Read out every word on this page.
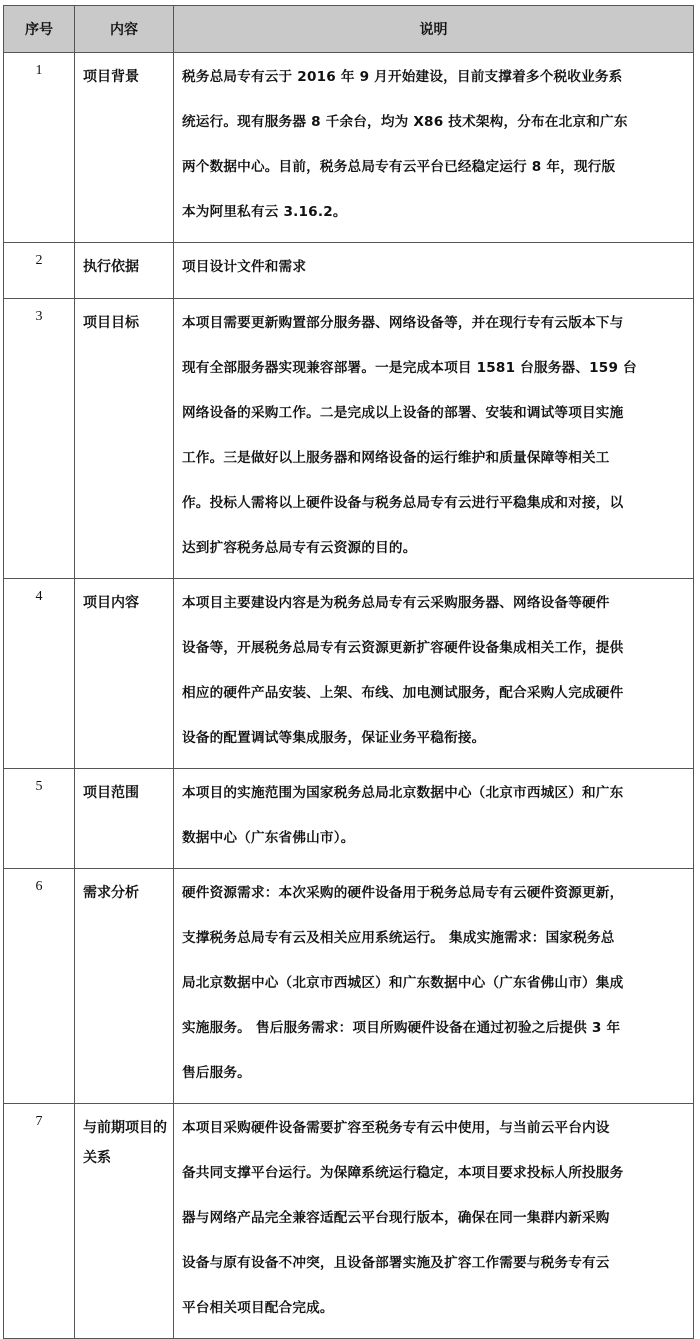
序号	内容	说明
1	项目背景	税务总局专有云于 2016 年 9 月开始建设，目前支撑着多个税收业务系
统运行。现有服务器 8 千余台，均为 X86 技术架构，分布在北京和广东
两个数据中心。目前，税务总局专有云平台已经稳定运行 8 年，现行版
本为阿里私有云 3.16.2。

2	执行依据	项目设计文件和需求

3	项目目标	本项目需要更新购置部分服务器、网络设备等，并在现行专有云版本下与
现有全部服务器实现兼容部署。一是完成本项目 1581 台服务器、159 台
网络设备的采购工作。二是完成以上设备的部署、安装和调试等项目实施
工作。三是做好以上服务器和网络设备的运行维护和质量保障等相关工
作。投标人需将以上硬件设备与税务总局专有云进行平稳集成和对接，以
达到扩容税务总局专有云资源的目的。

4	项目内容	本项目主要建设内容是为税务总局专有云采购服务器、网络设备等硬件
设备等，开展税务总局专有云资源更新扩容硬件设备集成相关工作，提供
相应的硬件产品安装、上架、布线、加电测试服务，配合采购人完成硬件
设备的配置调试等集成服务，保证业务平稳衔接。

5	项目范围	本项目的实施范围为国家税务总局北京数据中心（北京市西城区）和广东
数据中心（广东省佛山市）。

6	需求分析	硬件资源需求：本次采购的硬件设备用于税务总局专有云硬件资源更新，
支撑税务总局专有云及相关应用系统运行。 集成实施需求：国家税务总
局北京数据中心（北京市西城区）和广东数据中心（广东省佛山市）集成
实施服务。 售后服务需求：项目所购硬件设备在通过初验之后提供 3 年
售后服务。

7	与前期项目的关系	本项目采购硬件设备需要扩容至税务专有云中使用，与当前云平台内设
备共同支撑平台运行。为保障系统运行稳定，本项目要求投标人所投服务
器与网络产品完全兼容适配云平台现行版本，确保在同一集群内新采购
设备与原有设备不冲突，且设备部署实施及扩容工作需要与税务专有云
平台相关项目配合完成。
